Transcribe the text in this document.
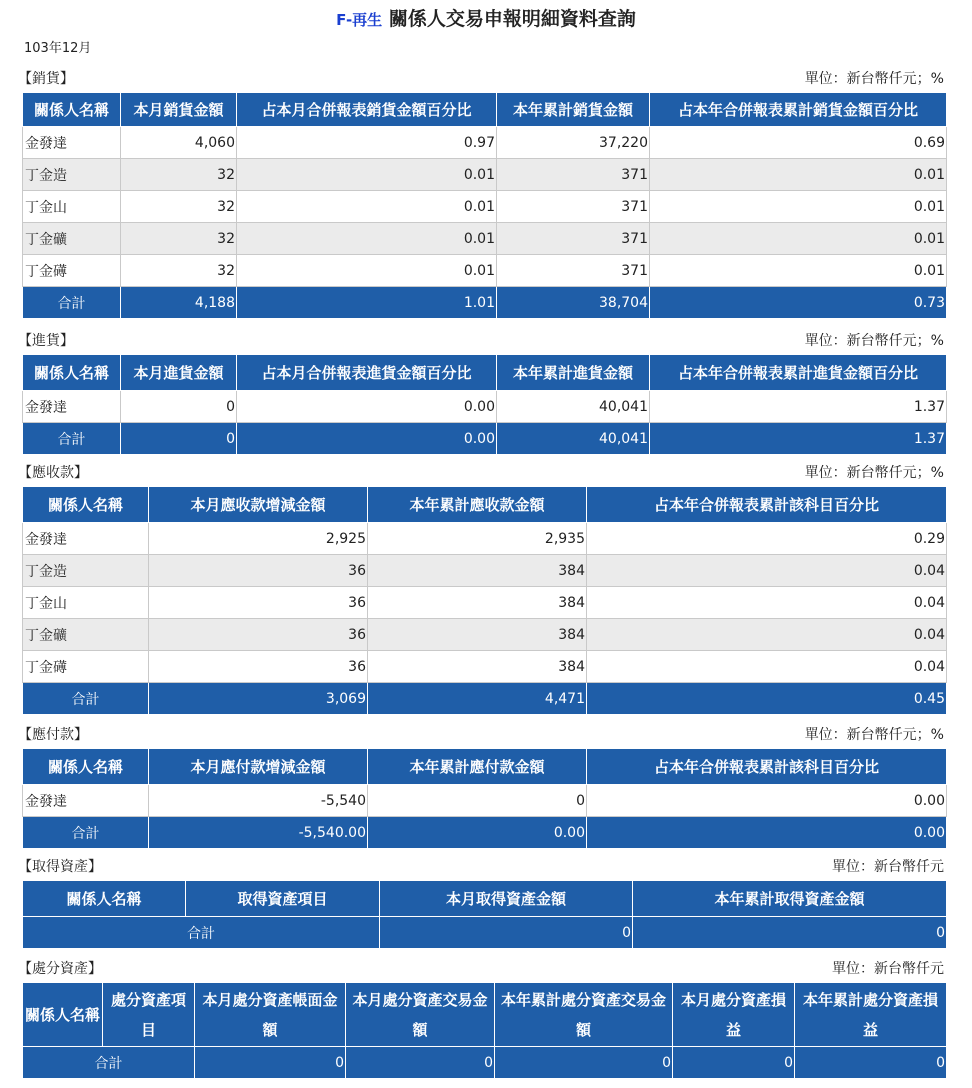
F-再生 關係人交易申報明細資料查詢
103年12月
【銷貨】	單位：新台幣仟元；%
關係人名稱	本月銷貨金額	占本月合併報表銷貨金額百分比	本年累計銷貨金額	占本年合併報表累計銷貨金額百分比
金發達	4,060	0.97	37,220	0.69
丁金造	32	0.01	371	0.01
丁金山	32	0.01	371	0.01
丁金礦	32	0.01	371	0.01
丁金礡	32	0.01	371	0.01
合計	4,188	1.01	38,704	0.73
【進貨】	單位：新台幣仟元；%
關係人名稱	本月進貨金額	占本月合併報表進貨金額百分比	本年累計進貨金額	占本年合併報表累計進貨金額百分比
金發達	0	0.00	40,041	1.37
合計	0	0.00	40,041	1.37
【應收款】	單位：新台幣仟元；%
關係人名稱	本月應收款增減金額	本年累計應收款金額	占本年合併報表累計該科目百分比
金發達	2,925	2,935	0.29
丁金造	36	384	0.04
丁金山	36	384	0.04
丁金礦	36	384	0.04
丁金礡	36	384	0.04
合計	3,069	4,471	0.45
【應付款】	單位：新台幣仟元；%
關係人名稱	本月應付款增減金額	本年累計應付款金額	占本年合併報表累計該科目百分比
金發達	-5,540	0	0.00
合計	-5,540.00	0.00	0.00
【取得資產】	單位：新台幣仟元
關係人名稱	取得資產項目	本月取得資產金額	本年累計取得資產金額
合計		0	0
【處分資產】	單位：新台幣仟元
關係人名稱	處分資產項目	本月處分資產帳面金額	本月處分資產交易金額	本年累計處分資產交易金額	本月處分資產損益	本年累計處分資產損益
合計		0	0	0	0	0
